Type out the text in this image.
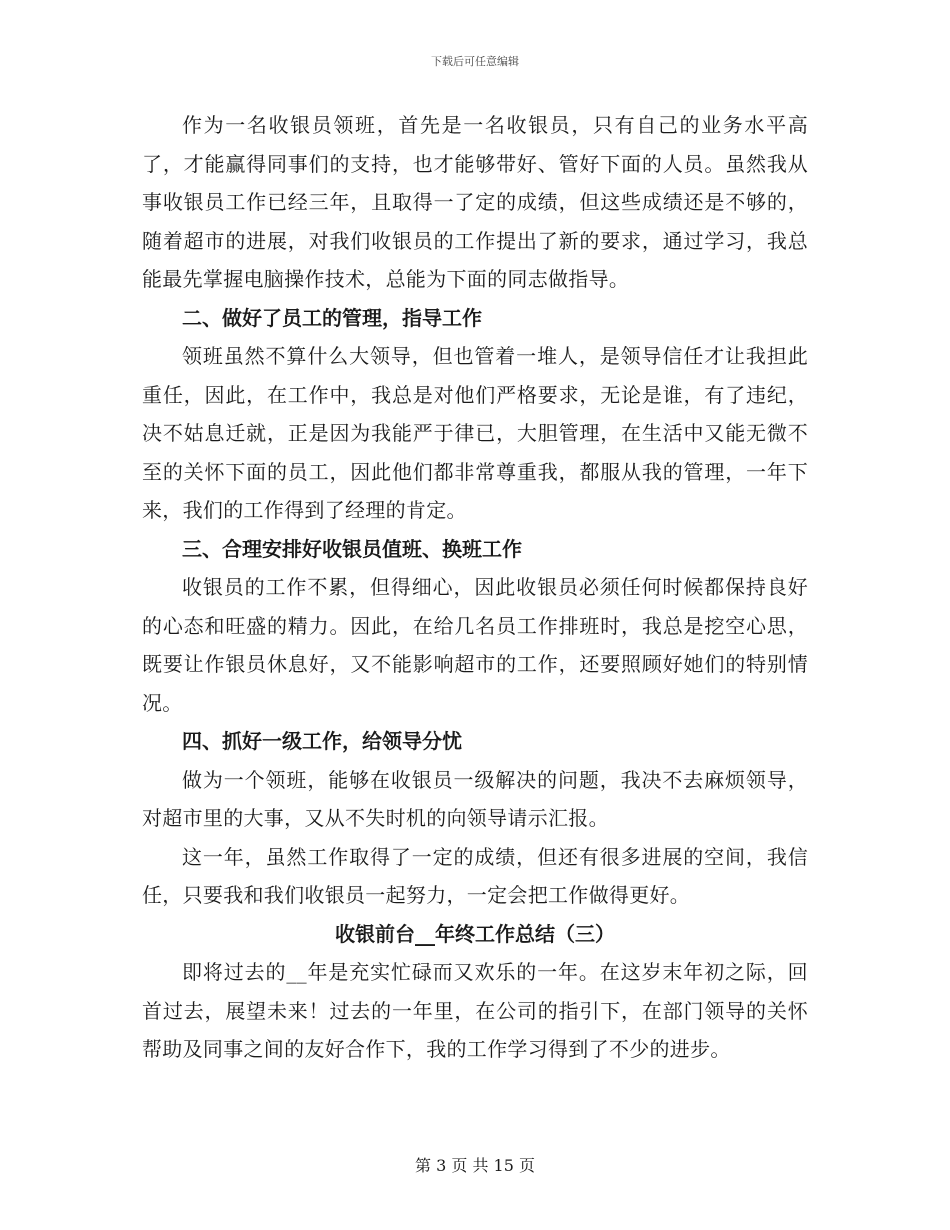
下载后可任意编辑

作为一名收银员领班，首先是一名收银员，只有自己的业务水平高了，才能赢得同事们的支持，也才能够带好、管好下面的人员。虽然我从事收银员工作已经三年，且取得一了定的成绩，但这些成绩还是不够的，随着超市的进展，对我们收银员的工作提出了新的要求，通过学习，我总能最先掌握电脑操作技术，总能为下面的同志做指导。

二、做好了员工的管理，指导工作

领班虽然不算什么大领导，但也管着一堆人，是领导信任才让我担此重任，因此，在工作中，我总是对他们严格要求，无论是谁，有了违纪，决不姑息迁就，正是因为我能严于律已，大胆管理，在生活中又能无微不至的关怀下面的员工，因此他们都非常尊重我，都服从我的管理，一年下来，我们的工作得到了经理的肯定。

三、合理安排好收银员值班、换班工作

收银员的工作不累，但得细心，因此收银员必须任何时候都保持良好的心态和旺盛的精力。因此，在给几名员工作排班时，我总是挖空心思，既要让作银员休息好，又不能影响超市的工作，还要照顾好她们的特别情况。

四、抓好一级工作，给领导分忧

做为一个领班，能够在收银员一级解决的问题，我决不去麻烦领导，对超市里的大事，又从不失时机的向领导请示汇报。

这一年，虽然工作取得了一定的成绩，但还有很多进展的空间，我信任，只要我和我们收银员一起努力，一定会把工作做得更好。

收银前台__年终工作总结（三）

即将过去的__年是充实忙碌而又欢乐的一年。在这岁末年初之际，回首过去，展望未来！过去的一年里，在公司的指引下，在部门领导的关怀帮助及同事之间的友好合作下，我的工作学习得到了不少的进步。

第 3 页 共 15 页
